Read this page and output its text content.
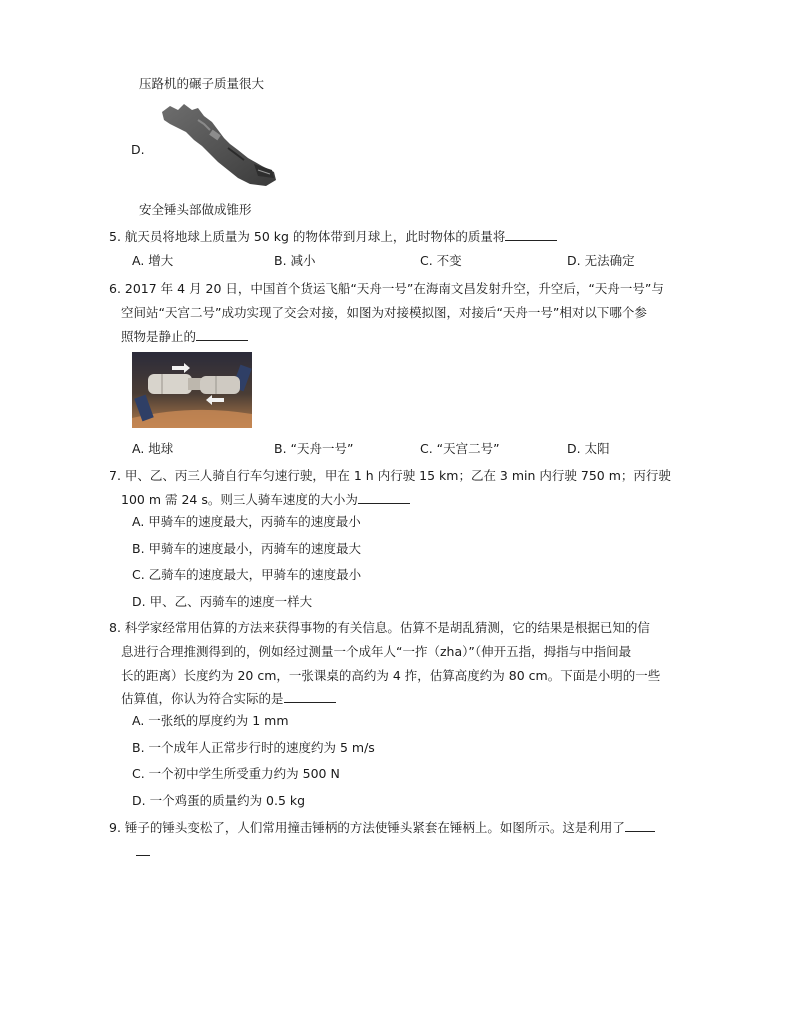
压路机的碾子质量很大
D.
安全锤头部做成锥形
5. 航天员将地球上质量为 50 kg 的物体带到月球上，此时物体的质量将
A. 增大	B. 减小	C. 不变	D. 无法确定
6. 2017 年 4 月 20 日，中国首个货运飞船“天舟一号”在海南文昌发射升空，升空后，“天舟一号”与
空间站“天宫二号”成功实现了交会对接，如图为对接模拟图，对接后“天舟一号”相对以下哪个参
照物是静止的
A. 地球	B. “天舟一号”	C. “天宫二号”	D. 太阳
7. 甲、乙、丙三人骑自行车匀速行驶，甲在 1 h 内行驶 15 km；乙在 3 min 内行驶 750 m；丙行驶
100 m 需 24 s。则三人骑车速度的大小为
A. 甲骑车的速度最大，丙骑车的速度最小
B. 甲骑车的速度最小，丙骑车的速度最大
C. 乙骑车的速度最大，甲骑车的速度最小
D. 甲、乙、丙骑车的速度一样大
8. 科学家经常用估算的方法来获得事物的有关信息。估算不是胡乱猜测，它的结果是根据已知的信
息进行合理推测得到的，例如经过测量一个成年人“一拃（zha）”（伸开五指，拇指与中指间最
长的距离）长度约为 20 cm，一张课桌的高约为 4 拃，估算高度约为 80 cm。下面是小明的一些
估算值，你认为符合实际的是
A. 一张纸的厚度约为 1 mm
B. 一个成年人正常步行时的速度约为 5 m/s
C. 一个初中学生所受重力约为 500 N
D. 一个鸡蛋的质量约为 0.5 kg
9. 锤子的锤头变松了，人们常用撞击锤柄的方法使锤头紧套在锤柄上。如图所示。这是利用了
